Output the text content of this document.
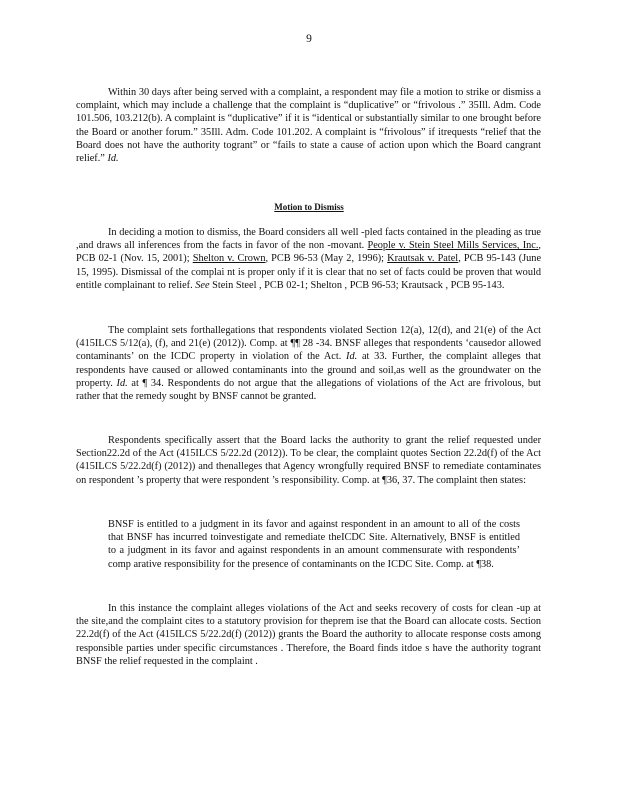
9

Within 30 days after being served with a complaint, a respondent may file a motion to strike or dismiss a complaint, which may include a challenge that the complaint is “duplicative” or “frivolous .” 35Ill. Adm. Code 101.506, 103.212(b). A complaint is “duplicative” if it is “identical or substantially similar to one brought before the Board or another forum.” 35Ill. Adm. Code 101.202. A complaint is “frivolous” if itrequests “relief that the Board does not have the authority togrant” or “fails to state a cause of action upon which the Board cangrant relief.” Id.

Motion to Dismiss

In deciding a motion to dismiss, the Board considers all well -pled facts contained in the pleading as true ,and draws all inferences from the facts in favor of the non -movant. People v. Stein Steel Mills Services, Inc., PCB 02-1 (Nov. 15, 2001); Shelton v. Crown, PCB 96-53 (May 2, 1996); Krautsak v. Patel, PCB 95-143 (June 15, 1995). Dismissal of the complai nt is proper only if it is clear that no set of facts could be proven that would entitle complainant to relief. See Stein Steel , PCB 02-1; Shelton , PCB 96-53; Krautsack , PCB 95-143.

The complaint sets forthallegations that respondents violated Section 12(a), 12(d), and 21(e) of the Act (415ILCS 5/12(a), (f), and 21(e) (2012)). Comp. at ¶¶ 28 -34. BNSF alleges that respondents ‘causedor allowed contaminants’ on the ICDC property in violation of the Act. Id. at 33. Further, the complaint alleges that respondents have caused or allowed contaminants into the ground and soil,as well as the groundwater on the property. Id. at ¶ 34. Respondents do not argue that the allegations of violations of the Act are frivolous, but rather that the remedy sought by BNSF cannot be granted.

Respondents specifically assert that the Board lacks the authority to grant the relief requested under Section22.2d of the Act (415ILCS 5/22.2d (2012)). To be clear, the complaint quotes Section 22.2d(f) of the Act (415ILCS 5/22.2d(f) (2012)) and thenalleges that Agency wrongfully required BNSF to remediate contaminates on respondent ’s property that were respondent ’s responsibility. Comp. at ¶36, 37. The complaint then states:

BNSF is entitled to a judgment in its favor and against respondent in an amount to all of the costs that BNSF has incurred toinvestigate and remediate theICDC Site. Alternatively, BNSF is entitled to a judgment in its favor and against respondents in an amount commensurate with respondents’ comp arative responsibility for the presence of contaminants on the ICDC Site. Comp. at ¶38.

In this instance the complaint alleges violations of the Act and seeks recovery of costs for clean -up at the site,and the complaint cites to a statutory provision for theprem ise that the Board can allocate costs. Section 22.2d(f) of the Act (415ILCS 5/22.2d(f) (2012)) grants the Board the authority to allocate response costs among responsible parties under specific circumstances . Therefore, the Board finds itdoe s have the authority togrant BNSF the relief requested in the complaint .
